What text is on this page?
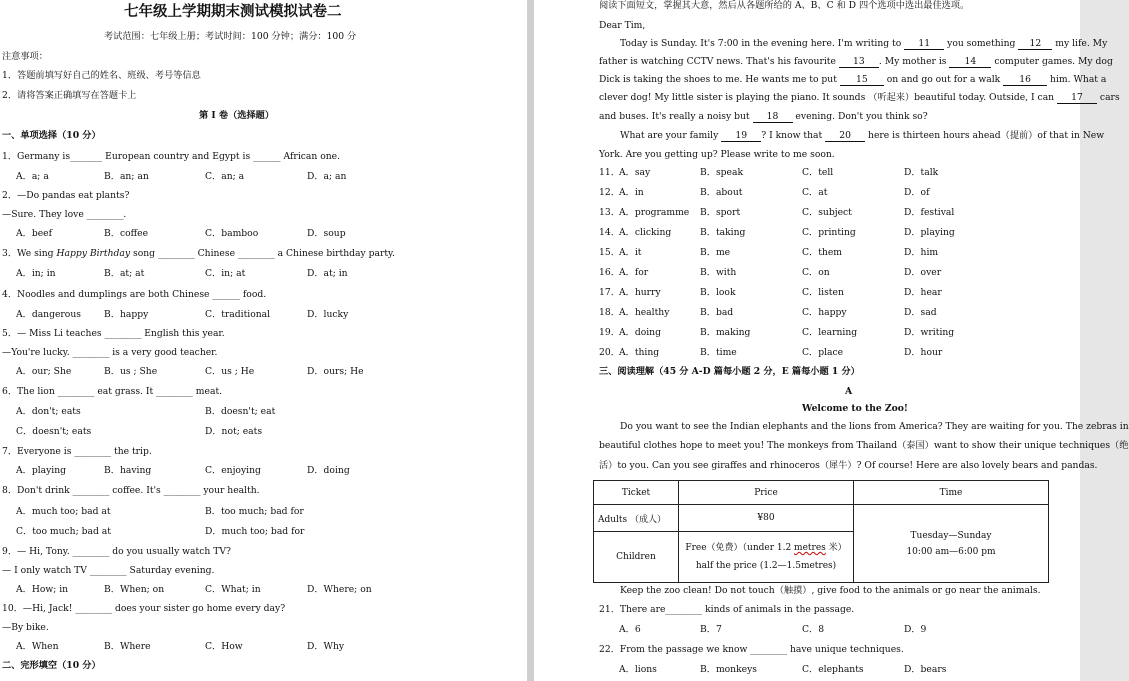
七年级上学期期末测试模拟试卷二
考试范围：七年级上册；考试时间：100 分钟；满分：100 分
注意事项：
1．答题前填写好自己的姓名、班级、考号等信息
2．请将答案正确填写在答题卡上
第 I 卷（选择题）
一、单项选择（10 分）
1．Germany is_______ European country and Egypt is ______ African one.
A．a; a	B．an; an	C．an; a	D．a; an
2．—Do pandas eat plants?
—Sure. They love ________.
A．beef	B．coffee	C．bamboo	D．soup
3．We sing Happy Birthday song ________ Chinese ________ a Chinese birthday party.
A．in; in	B．at; at	C．in; at	D．at; in
4．Noodles and dumplings are both Chinese ______ food.
A．dangerous	B．happy	C．traditional	D．lucky
5．— Miss Li teaches ________ English this year.
—You're lucky. ________ is a very good teacher.
A．our; She	B．us ; She	C．us ; He	D．ours; He
6．The lion ________ eat grass. It ________ meat.
A．don't; eats	B．doesn't; eat
C．doesn't; eats	D．not; eats
7．Everyone is ________ the trip.
A．playing	B．having	C．enjoying	D．doing
8．Don't drink ________ coffee. It's ________ your health.
A．much too; bad at	B．too much; bad for
C．too much; bad at	D．much too; bad for
9．— Hi, Tony. ________ do you usually watch TV?
— I only watch TV ________ Saturday evening.
A．How; in	B．When; on	C．What; in	D．Where; on
10．—Hi, Jack! ________ does your sister go home every day?
—By bike.
A．When	B．Where	C．How	D．Why
二、完形填空（10 分）
阅读下面短文，掌握其大意，然后从各题所给的 A、B、C 和 D 四个选项中选出最佳选项。
Dear Tim,
Today is Sunday. It's 7:00 in the evening here. I'm writing to 11 you something 12 my life. My
father is watching CCTV news. That's his favourite 13 . My mother is 14 computer games. My dog
Dick is taking the shoes to me. He wants me to put 15 on and go out for a walk 16 him. What a
clever dog! My little sister is playing the piano. It sounds （听起来）beautiful today. Outside, I can 17 cars
and buses. It's really a noisy but 18 evening. Don't you think so?
What are your family 19 ? I know that 20 here is thirteen hours ahead（提前）of that in New
York. Are you getting up? Please write to me soon.
11． A．say	B．speak	C．tell	D．talk
12． A．in	B．about	C．at	D．of
13． A．programme B．sport	C．subject	D．festival
14． A．clicking	B．taking	C．printing	D．playing
15． A．it	B．me	C．them	D．him
16． A．for	B．with	C．on	D．over
17． A．hurry	B．look	C．listen	D．hear
18． A．healthy	B．bad	C．happy	D．sad
19． A．doing	B．making	C．learning	D．writing
20． A．thing	B．time	C．place	D．hour
三、阅读理解（45 分 A-D 篇每小题 2 分，E 篇每小题 1 分）
A
Welcome to the Zoo!
Do you want to see the Indian elephants and the lions from America? They are waiting for you. The zebras in
beautiful clothes hope to meet you! The monkeys from Thailand（泰国）want to show their unique techniques（绝
活）to you. Can you see giraffes and rhinoceros（犀牛）? Of course! Here are also lovely bears and pandas.
Ticket	Price	Time
Adults （成人）	¥80	Tuesday—Sunday
10:00 am—6:00 pm

Children	Free（免费）（under 1.2 metres 米）
half the price (1.2—1.5metres)	
Keep the zoo clean! Do not touch（触摸）, give food to the animals or go near the animals.
21．There are________ kinds of animals in the passage.
A．6	B．7	C．8	D．9
22．From the passage we know ________ have unique techniques.
A．lions	B．monkeys	C．elephants	D．bears
